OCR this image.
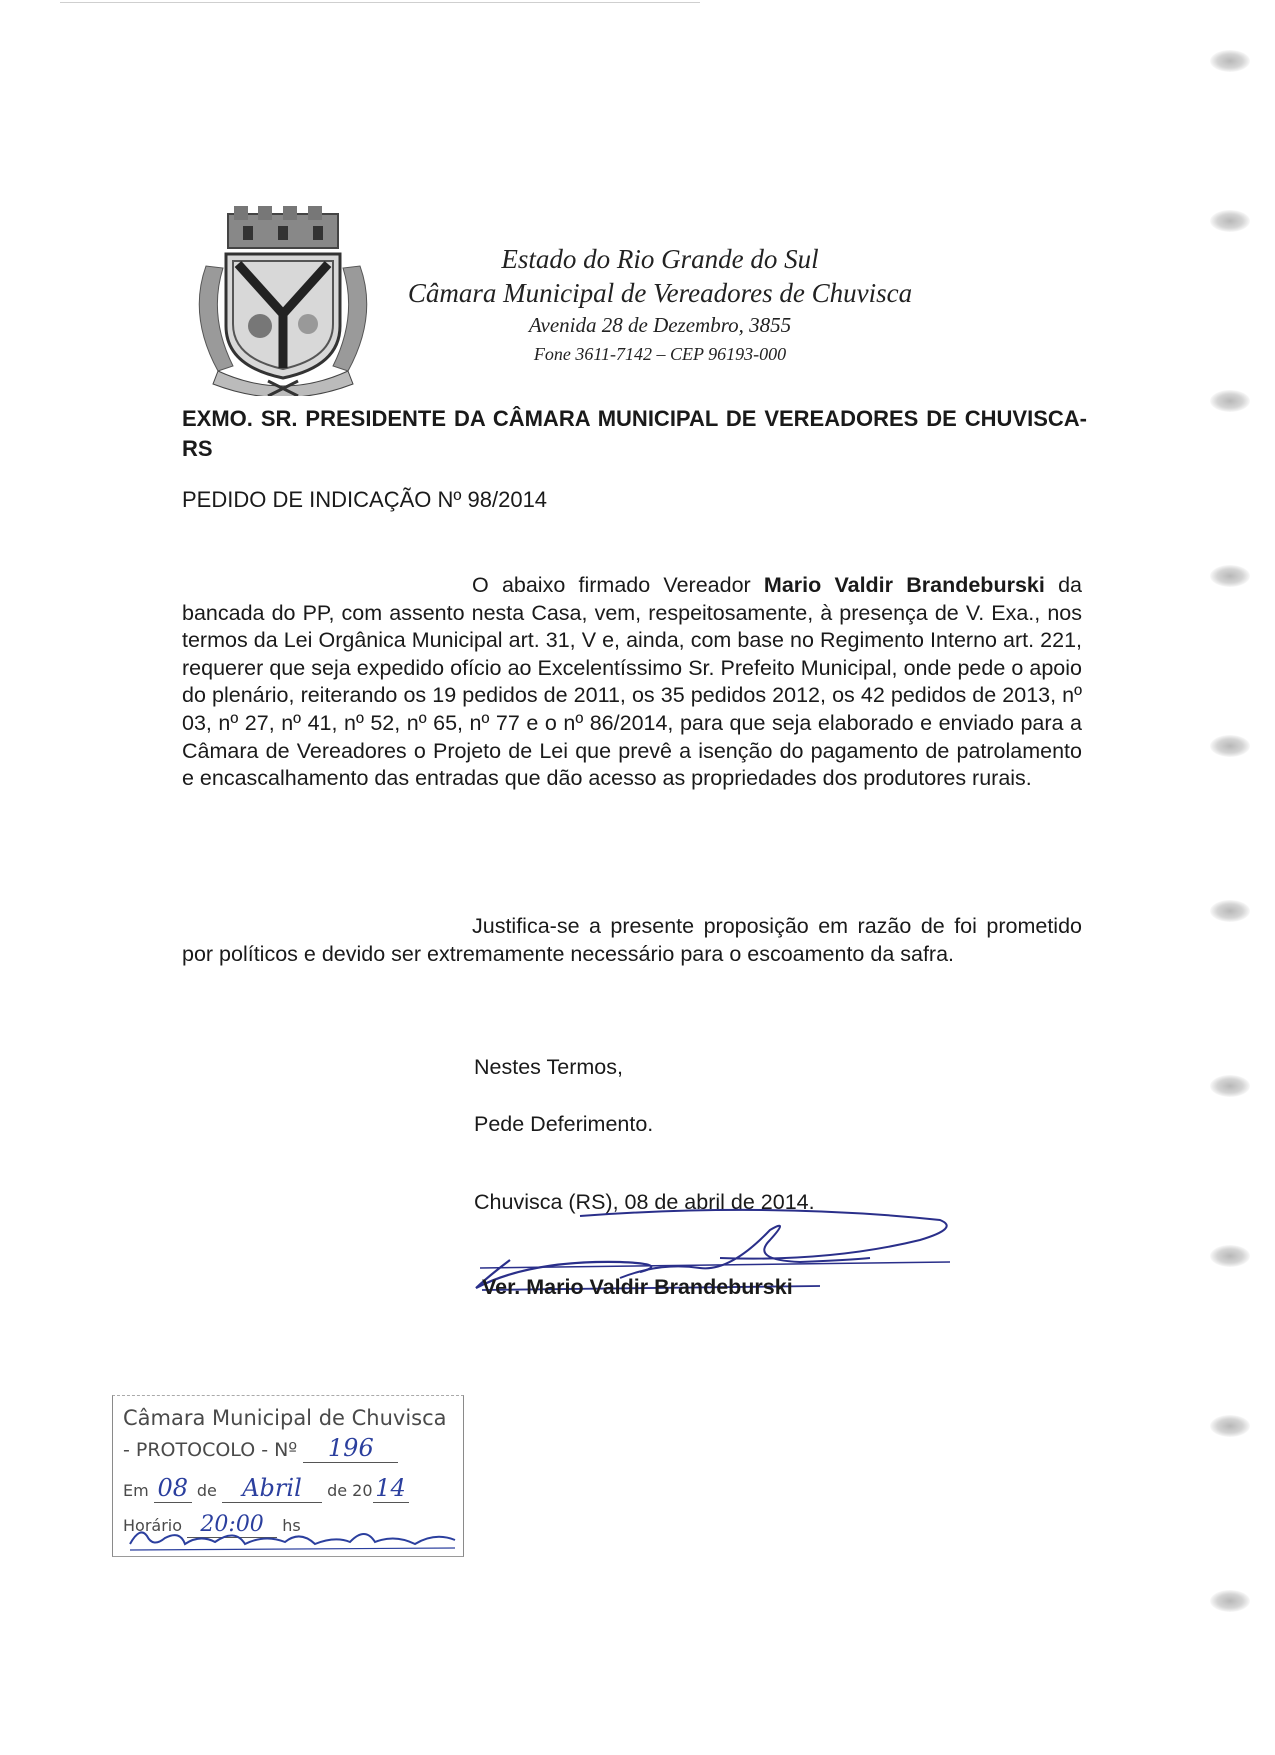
Estado do Rio Grande do Sul
Câmara Municipal de Vereadores de Chuvisca
Avenida 28 de Dezembro, 3855
Fone 3611-7142 – CEP 96193-000
EXMO. SR. PRESIDENTE DA CÂMARA MUNICIPAL DE VEREADORES DE CHUVISCA-RS
PEDIDO DE INDICAÇÃO Nº 98/2014
O abaixo firmado Vereador Mario Valdir Brandeburski da bancada do PP, com assento nesta Casa, vem, respeitosamente, à presença de V. Exa., nos termos da Lei Orgânica Municipal art. 31, V e, ainda, com base no Regimento Interno art. 221, requerer que seja expedido ofício ao Excelentíssimo Sr. Prefeito Municipal, onde pede o apoio do plenário, reiterando os 19 pedidos de 2011, os 35 pedidos 2012, os 42 pedidos de 2013, nº 03, nº 27, nº 41, nº 52, nº 65, nº 77 e o nº 86/2014, para que seja elaborado e enviado para a Câmara de Vereadores o Projeto de Lei que prevê a isenção do pagamento de patrolamento e encascalhamento das entradas que dão acesso as propriedades dos produtores rurais.
Justifica-se a presente proposição em razão de foi prometido por políticos e devido ser extremamente necessário para o escoamento da safra.
Nestes Termos,
Pede Deferimento.
Chuvisca (RS), 08 de abril de 2014.
Ver. Mario Valdir Brandeburski
Câmara Municipal de Chuvisca
- PROTOCOLO - Nº 196
Em 08 de Abril de 20 14
Horário 20:00 hs
